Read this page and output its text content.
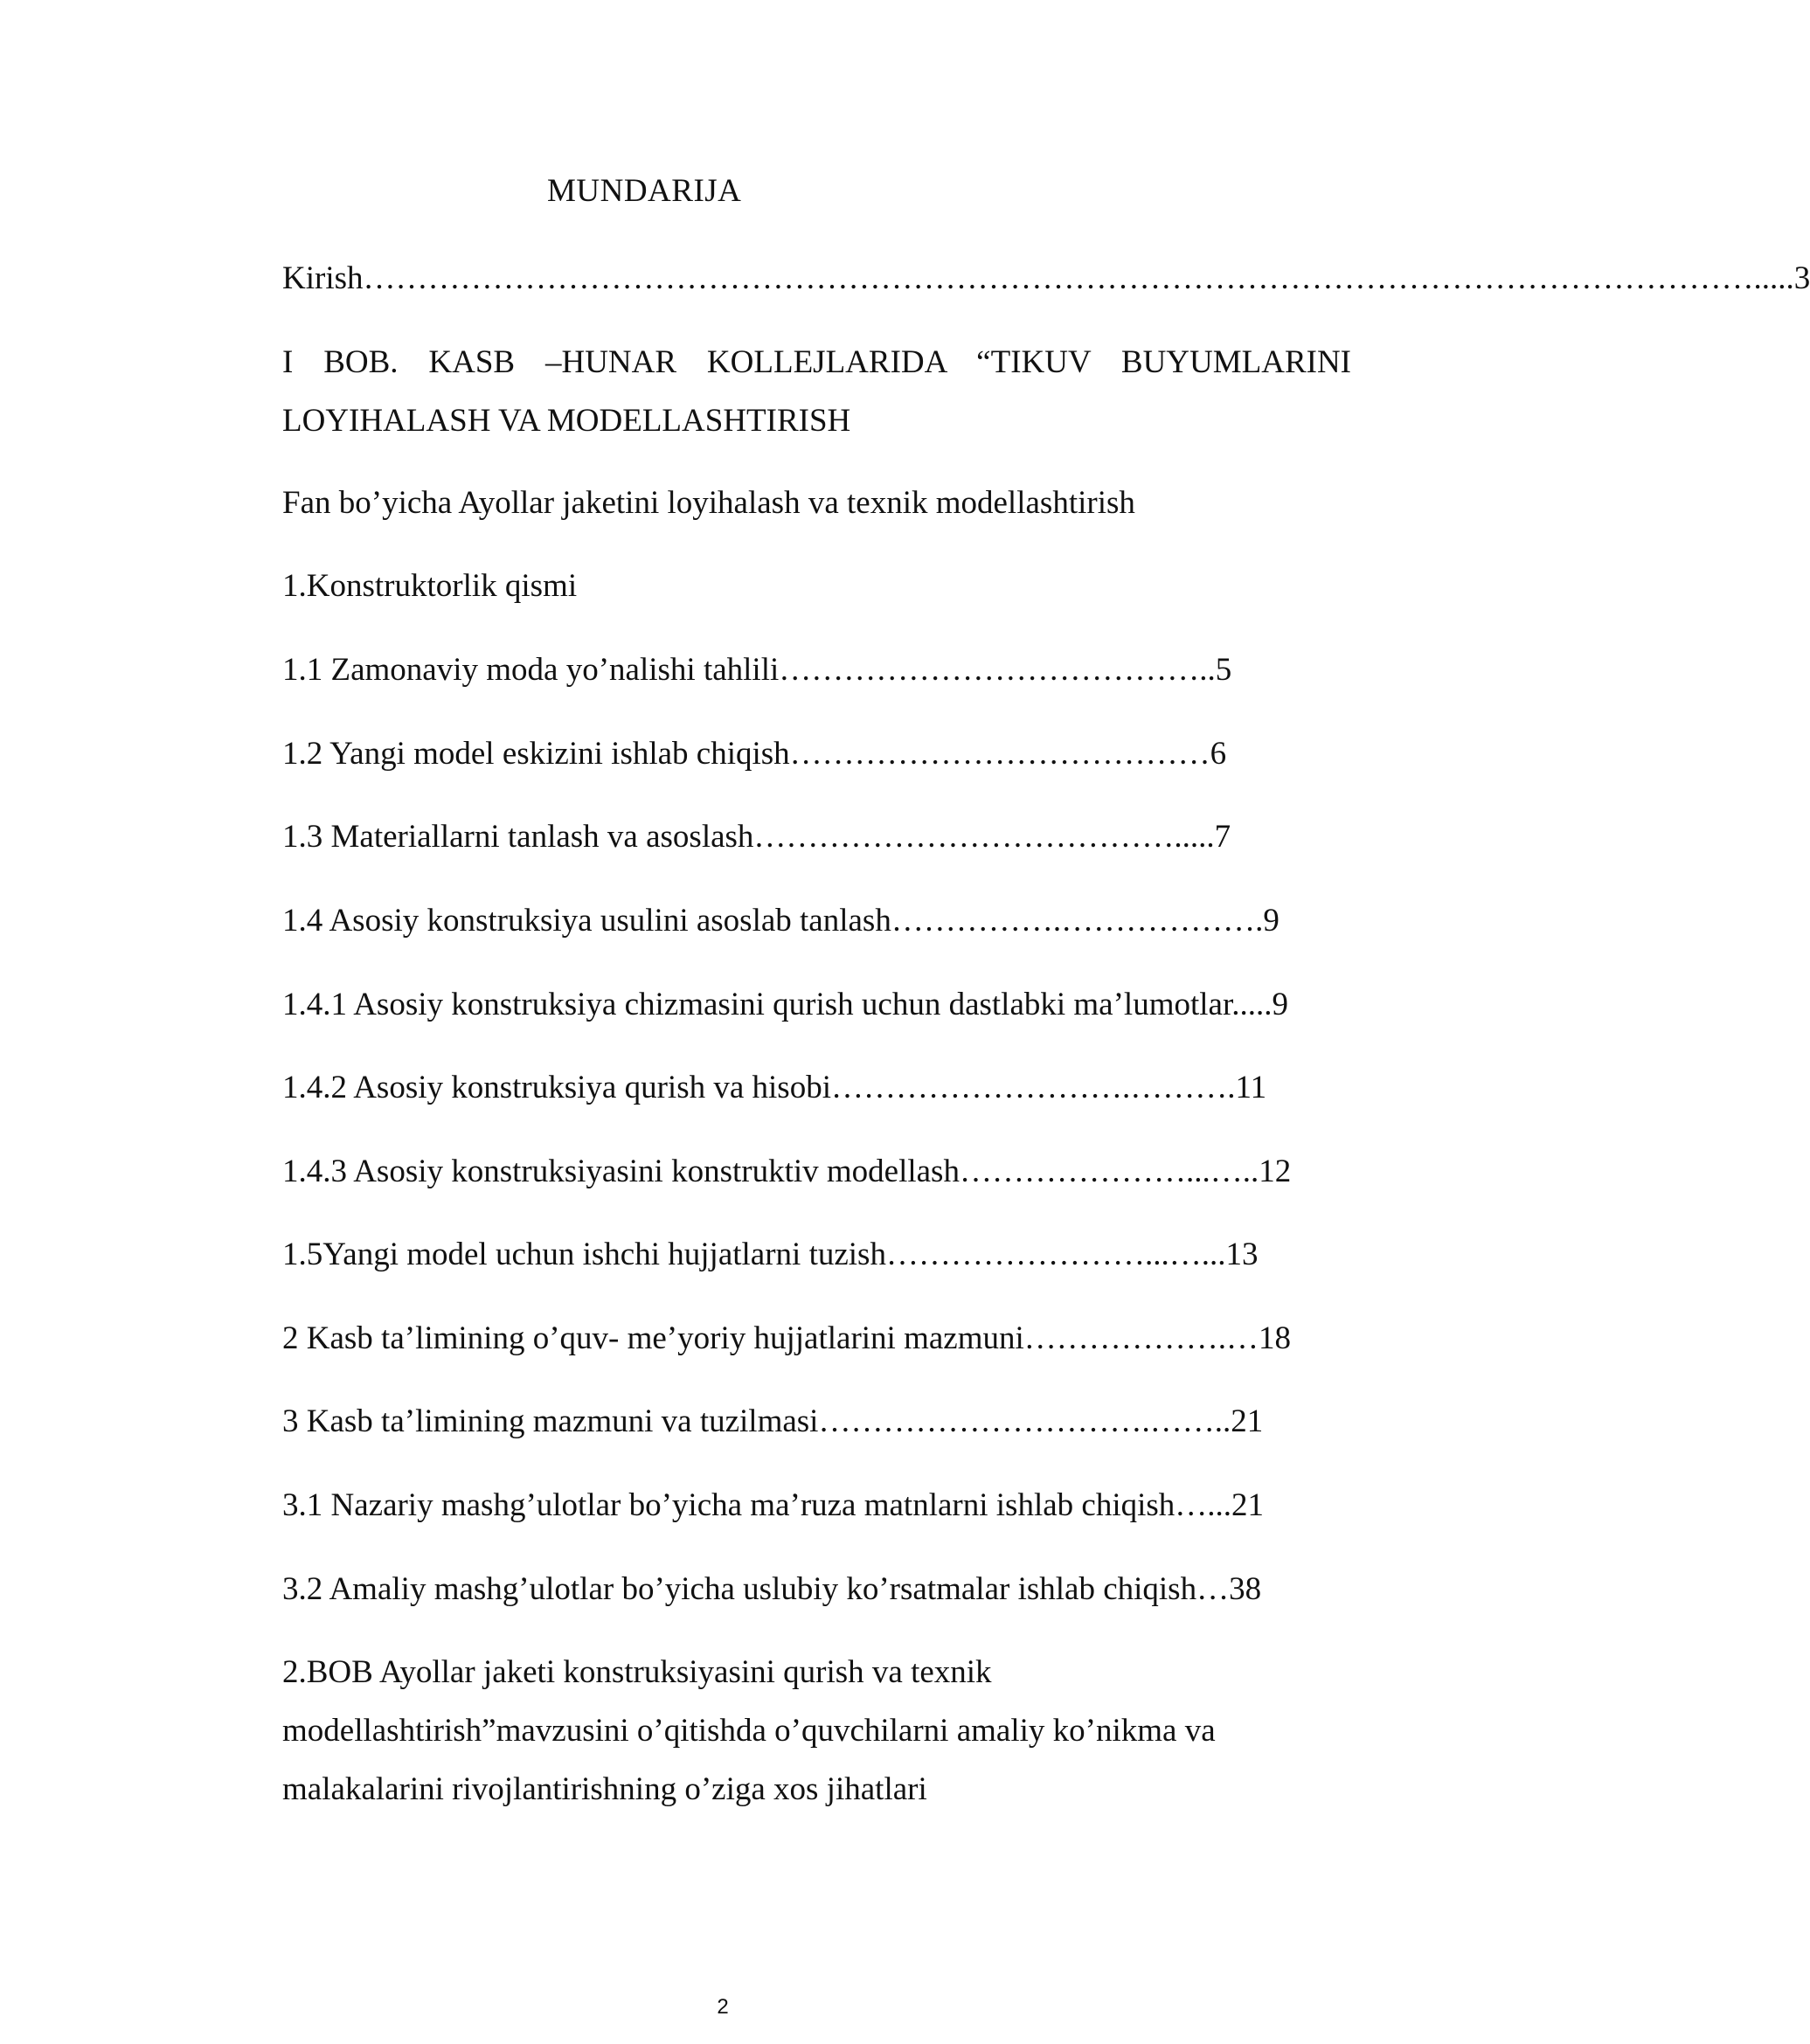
MUNDARIJA
Kirish………………………………………………………………………………………………………………….....3
I BOB. KASB –HUNAR KOLLEJLARIDA “TIKUV BUYUMLARINI
LOYIHALASH VA MODELLASHTIRISH
Fan bo’yicha Ayollar jaketini loyihalash va texnik modellashtirish
1.Konstruktorlik qismi
1.1 Zamonaviy moda yo’nalishi tahlili…………………………………..5
1.2 Yangi model eskizini ishlab chiqish…………………………………6
1.3 Materiallarni tanlash va asoslash………………………………….....7
1.4 Asosiy konstruksiya usulini asoslab tanlash…………….……………….9
1.4.1 Asosiy konstruksiya chizmasini qurish uchun dastlabki ma’lumotlar.....9
1.4.2 Asosiy konstruksiya qurish va hisobi……………………….……….11
1.4.3 Asosiy konstruksiyasini konstruktiv modellash…………………...…..12
1.5Yangi model uchun ishchi hujjatlarni tuzish……………………...…...13
2 Kasb ta’limining o’quv- me’yoriy hujjatlarini mazmuni……………….…18
3 Kasb ta’limining mazmuni va tuzilmasi………………………….……..21
3.1 Nazariy mashg’ulotlar bo’yicha ma’ruza matnlarni ishlab chiqish…...21
3.2 Amaliy mashg’ulotlar bo’yicha uslubiy ko’rsatmalar ishlab chiqish…38
2.BOB Ayollar jaketi konstruksiyasini qurish va texnik
modellashtirish”mavzusini o’qitishda o’quvchilarni amaliy ko’nikma va
malakalarini rivojlantirishning o’ziga xos jihatlari
2
